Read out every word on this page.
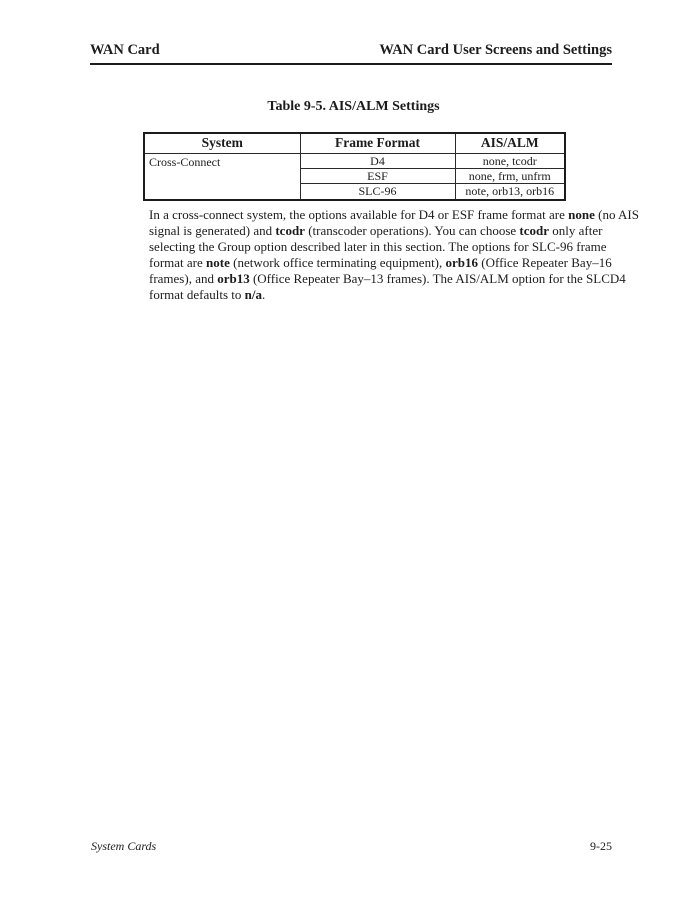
WAN Card	WAN Card User Screens and Settings
Table 9-5. AIS/ALM Settings
System	Frame Format	AIS/ALM
Cross-Connect	D4	none, tcodr
	ESF	none, frm, unfrm
	SLC-96	note, orb13, orb16
In a cross-connect system, the options available for D4 or ESF frame format are none (no AIS
signal is generated) and tcodr (transcoder operations). You can choose tcodr only after
selecting the Group option described later in this section. The options for SLC-96 frame
format are note (network office terminating equipment), orb16 (Office Repeater Bay–16
frames), and orb13 (Office Repeater Bay–13 frames). The AIS/ALM option for the SLCD4
format defaults to n/a.
System Cards	9-25
